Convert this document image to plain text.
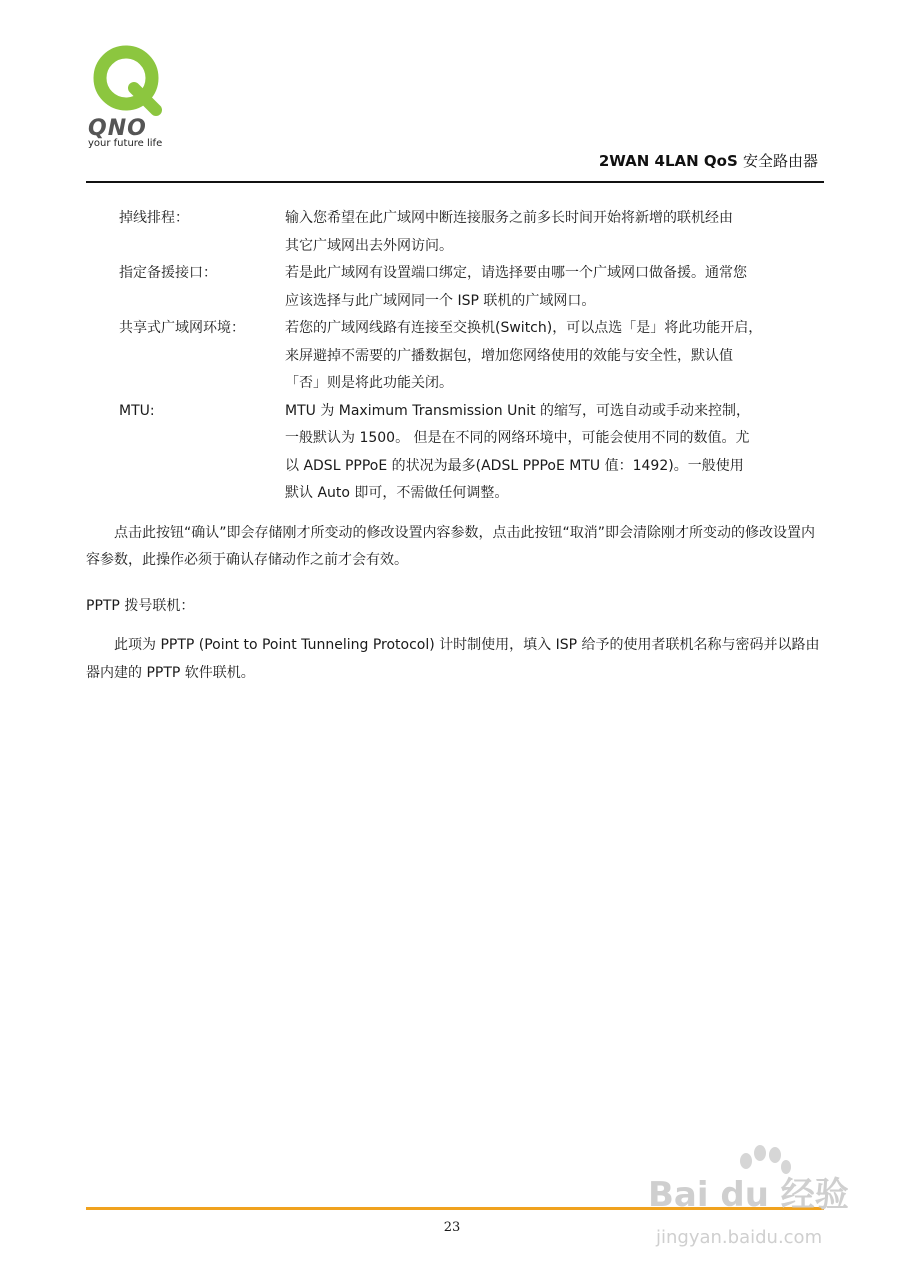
QNO
your future life
2WAN 4LAN QoS 安全路由器
掉线排程：	输入您希望在此广域网中断连接服务之前多长时间开始将新增的联机经由

其它广域网出去外网访问。

指定备援接口：	若是此广域网有设置端口绑定，请选择要由哪一个广域网口做备援。通常您

应该选择与此广域网同一个 ISP 联机的广域网口。

共享式广域网环境：	若您的广域网线路有连接至交换机(Switch)，可以点选「是」将此功能开启，

来屏避掉不需要的广播数据包，增加您网络使用的效能与安全性，默认值

「否」则是将此功能关闭。

MTU:	MTU 为 Maximum Transmission Unit 的缩写，可选自动或手动来控制，

一般默认为 1500。 但是在不同的网络环境中，可能会使用不同的数值。尤

以 ADSL PPPoE 的状况为最多(ADSL PPPoE MTU 值：1492)。一般使用

默认 Auto 即可，不需做任何调整。

点击此按钮“确认”即会存储刚才所变动的修改设置内容参数，点击此按钮“取消”即会清除刚才所变动的修改设置内容参数，此操作必须于确认存储动作之前才会有效。

PPTP 拨号联机：

此项为 PPTP (Point to Point Tunneling Protocol) 计时制使用，填入 ISP 给予的使用者联机名称与密码并以路由器内建的 PPTP 软件联机。

23
Bai du 经验
jingyan.baidu.com
